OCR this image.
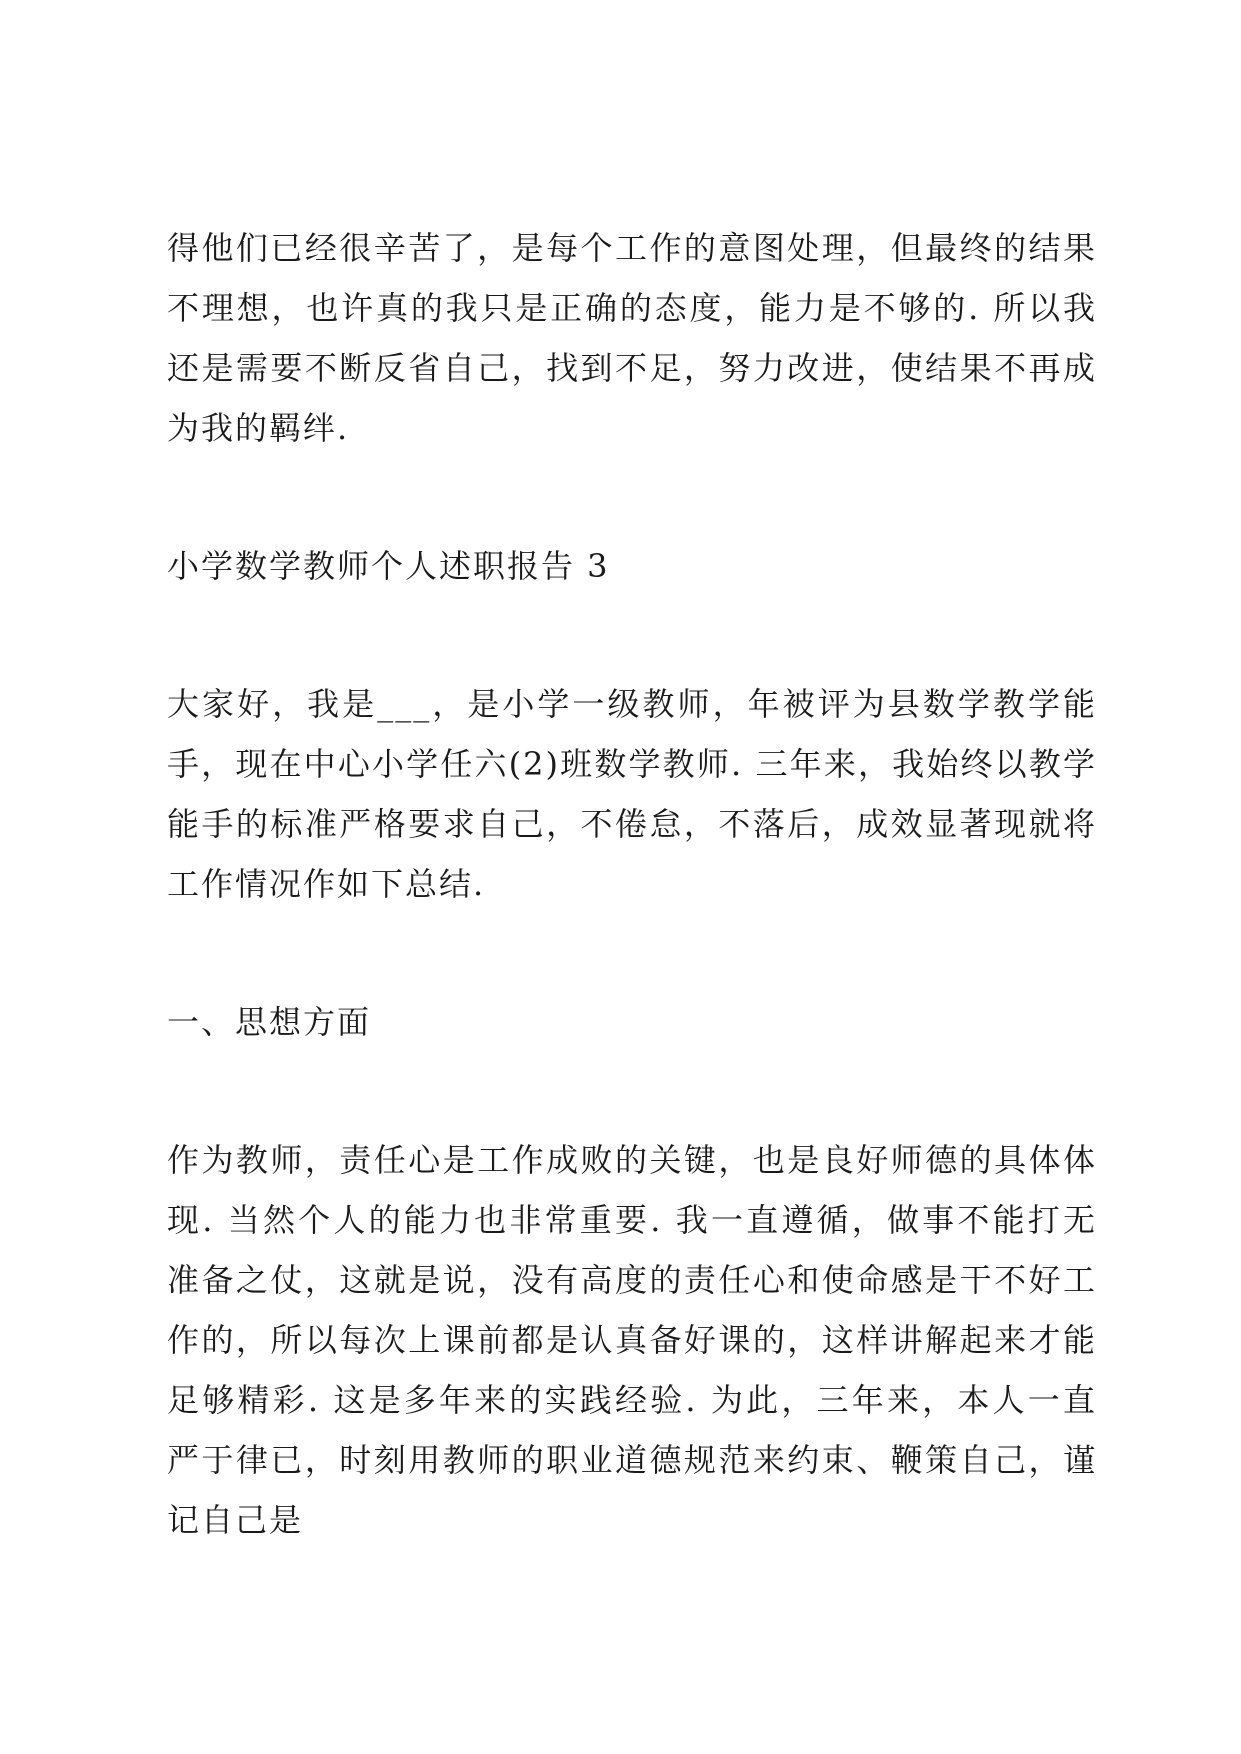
得他们已经很辛苦了，是每个工作的意图处理，但最终的结果不理想，也许真的我只是正确的态度，能力是不够的. 所以我还是需要不断反省自己，找到不足，努力改进，使结果不再成为我的羁绊.

小学数学教师个人述职报告 3

大家好，我是___，是小学一级教师，年被评为县数学教学能手，现在中心小学任六(2)班数学教师. 三年来，我始终以教学能手的标准严格要求自己，不倦怠，不落后，成效显著现就将工作情况作如下总结.

一、思想方面

作为教师，责任心是工作成败的关键，也是良好师德的具体体现. 当然个人的能力也非常重要. 我一直遵循，做事不能打无准备之仗，这就是说，没有高度的责任心和使命感是干不好工作的，所以每次上课前都是认真备好课的，这样讲解起来才能足够精彩. 这是多年来的实践经验. 为此，三年来，本人一直严于律已，时刻用教师的职业道德规范来约束、鞭策自己，谨记自己是
